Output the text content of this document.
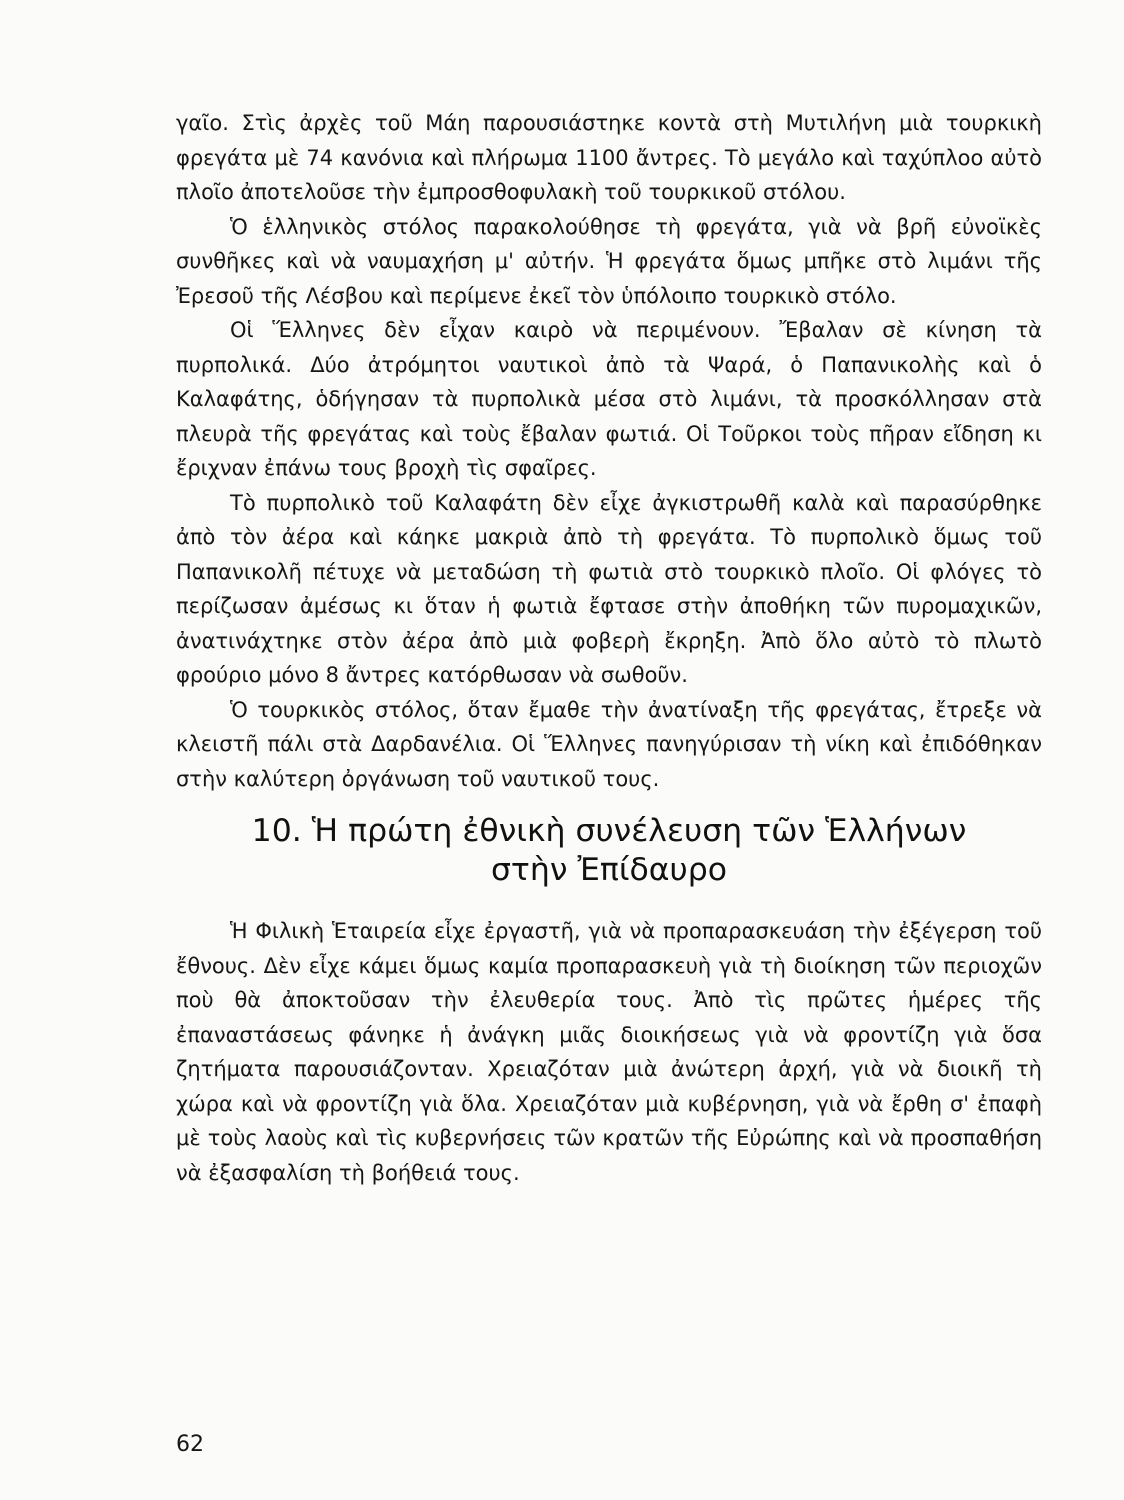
γαῖο. Στὶς ἀρχὲς τοῦ Μάη παρουσιάστηκε κοντὰ στὴ Μυτιλήνη μιὰ τουρκικὴ φρεγάτα μὲ 74 κανόνια καὶ πλήρωμα 1100 ἄντρες. Τὸ μεγάλο καὶ ταχύπλοο αὐτὸ πλοῖο ἀποτελοῦσε τὴν ἐμπροσθοφυλακὴ τοῦ τουρκικοῦ στόλου.

Ὁ ἑλληνικὸς στόλος παρακολούθησε τὴ φρεγάτα, γιὰ νὰ βρῆ εὐνοϊκὲς συνθῆκες καὶ νὰ ναυμαχήση μ' αὐτήν. Ἡ φρεγάτα ὅμως μπῆκε στὸ λιμάνι τῆς Ἐρεσοῦ τῆς Λέσβου καὶ περίμενε ἐκεῖ τὸν ὑπόλοιπο τουρκικὸ στόλο.

Οἱ Ἕλληνες δὲν εἶχαν καιρὸ νὰ περιμένουν. Ἔβαλαν σὲ κίνηση τὰ πυρπολικά. Δύο ἀτρόμητοι ναυτικοὶ ἀπὸ τὰ Ψαρά, ὁ Παπανικολὴς καὶ ὁ Καλαφάτης, ὁδήγησαν τὰ πυρπολικὰ μέσα στὸ λιμάνι, τὰ προσκόλλησαν στὰ πλευρὰ τῆς φρεγάτας καὶ τοὺς ἔβαλαν φωτιά. Οἱ Τοῦρκοι τοὺς πῆραν εἴδηση κι ἔριχναν ἐπάνω τους βροχὴ τὶς σφαῖρες.

Τὸ πυρπολικὸ τοῦ Καλαφάτη δὲν εἶχε ἀγκιστρωθῆ καλὰ καὶ παρασύρθηκε ἀπὸ τὸν ἀέρα καὶ κάηκε μακριὰ ἀπὸ τὴ φρεγάτα. Τὸ πυρπολικὸ ὅμως τοῦ Παπανικολῆ πέτυχε νὰ μεταδώση τὴ φωτιὰ στὸ τουρκικὸ πλοῖο. Οἱ φλόγες τὸ περίζωσαν ἀμέσως κι ὅταν ἡ φωτιὰ ἔφτασε στὴν ἀποθήκη τῶν πυρομαχικῶν, ἀνατινάχτηκε στὸν ἀέρα ἀπὸ μιὰ φοβερὴ ἔκρηξη. Ἀπὸ ὅλο αὐτὸ τὸ πλωτὸ φρούριο μόνο 8 ἄντρες κατόρθωσαν νὰ σωθοῦν.

Ὁ τουρκικὸς στόλος, ὅταν ἔμαθε τὴν ἀνατίναξη τῆς φρεγάτας, ἔτρεξε νὰ κλειστῆ πάλι στὰ Δαρδανέλια. Οἱ Ἕλληνες πανηγύρισαν τὴ νίκη καὶ ἐπιδόθηκαν στὴν καλύτερη ὀργάνωση τοῦ ναυτικοῦ τους.

10. Ἡ πρώτη ἐθνικὴ συνέλευση τῶν Ἑλλήνων
στὴν Ἐπίδαυρο

Ἡ Φιλικὴ Ἑταιρεία εἶχε ἐργαστῆ, γιὰ νὰ προπαρασκευάση τὴν ἐξέγερση τοῦ ἔθνους. Δὲν εἶχε κάμει ὅμως καμία προπαρασκευὴ γιὰ τὴ διοίκηση τῶν περιοχῶν ποὺ θὰ ἀποκτοῦσαν τὴν ἐλευθερία τους. Ἀπὸ τὶς πρῶτες ἡμέρες τῆς ἐπαναστάσεως φάνηκε ἡ ἀνάγκη μιᾶς διοικήσεως γιὰ νὰ φροντίζη γιὰ ὅσα ζητήματα παρουσιάζονταν. Χρειαζόταν μιὰ ἀνώτερη ἀρχή, γιὰ νὰ διοικῆ τὴ χώρα καὶ νὰ φροντίζη γιὰ ὅλα. Χρειαζόταν μιὰ κυβέρνηση, γιὰ νὰ ἔρθη σ' ἐπαφὴ μὲ τοὺς λαοὺς καὶ τὶς κυβερνήσεις τῶν κρατῶν τῆς Εὐρώπης καὶ νὰ προσπαθήση νὰ ἐξασφαλίση τὴ βοήθειά τους.

62
